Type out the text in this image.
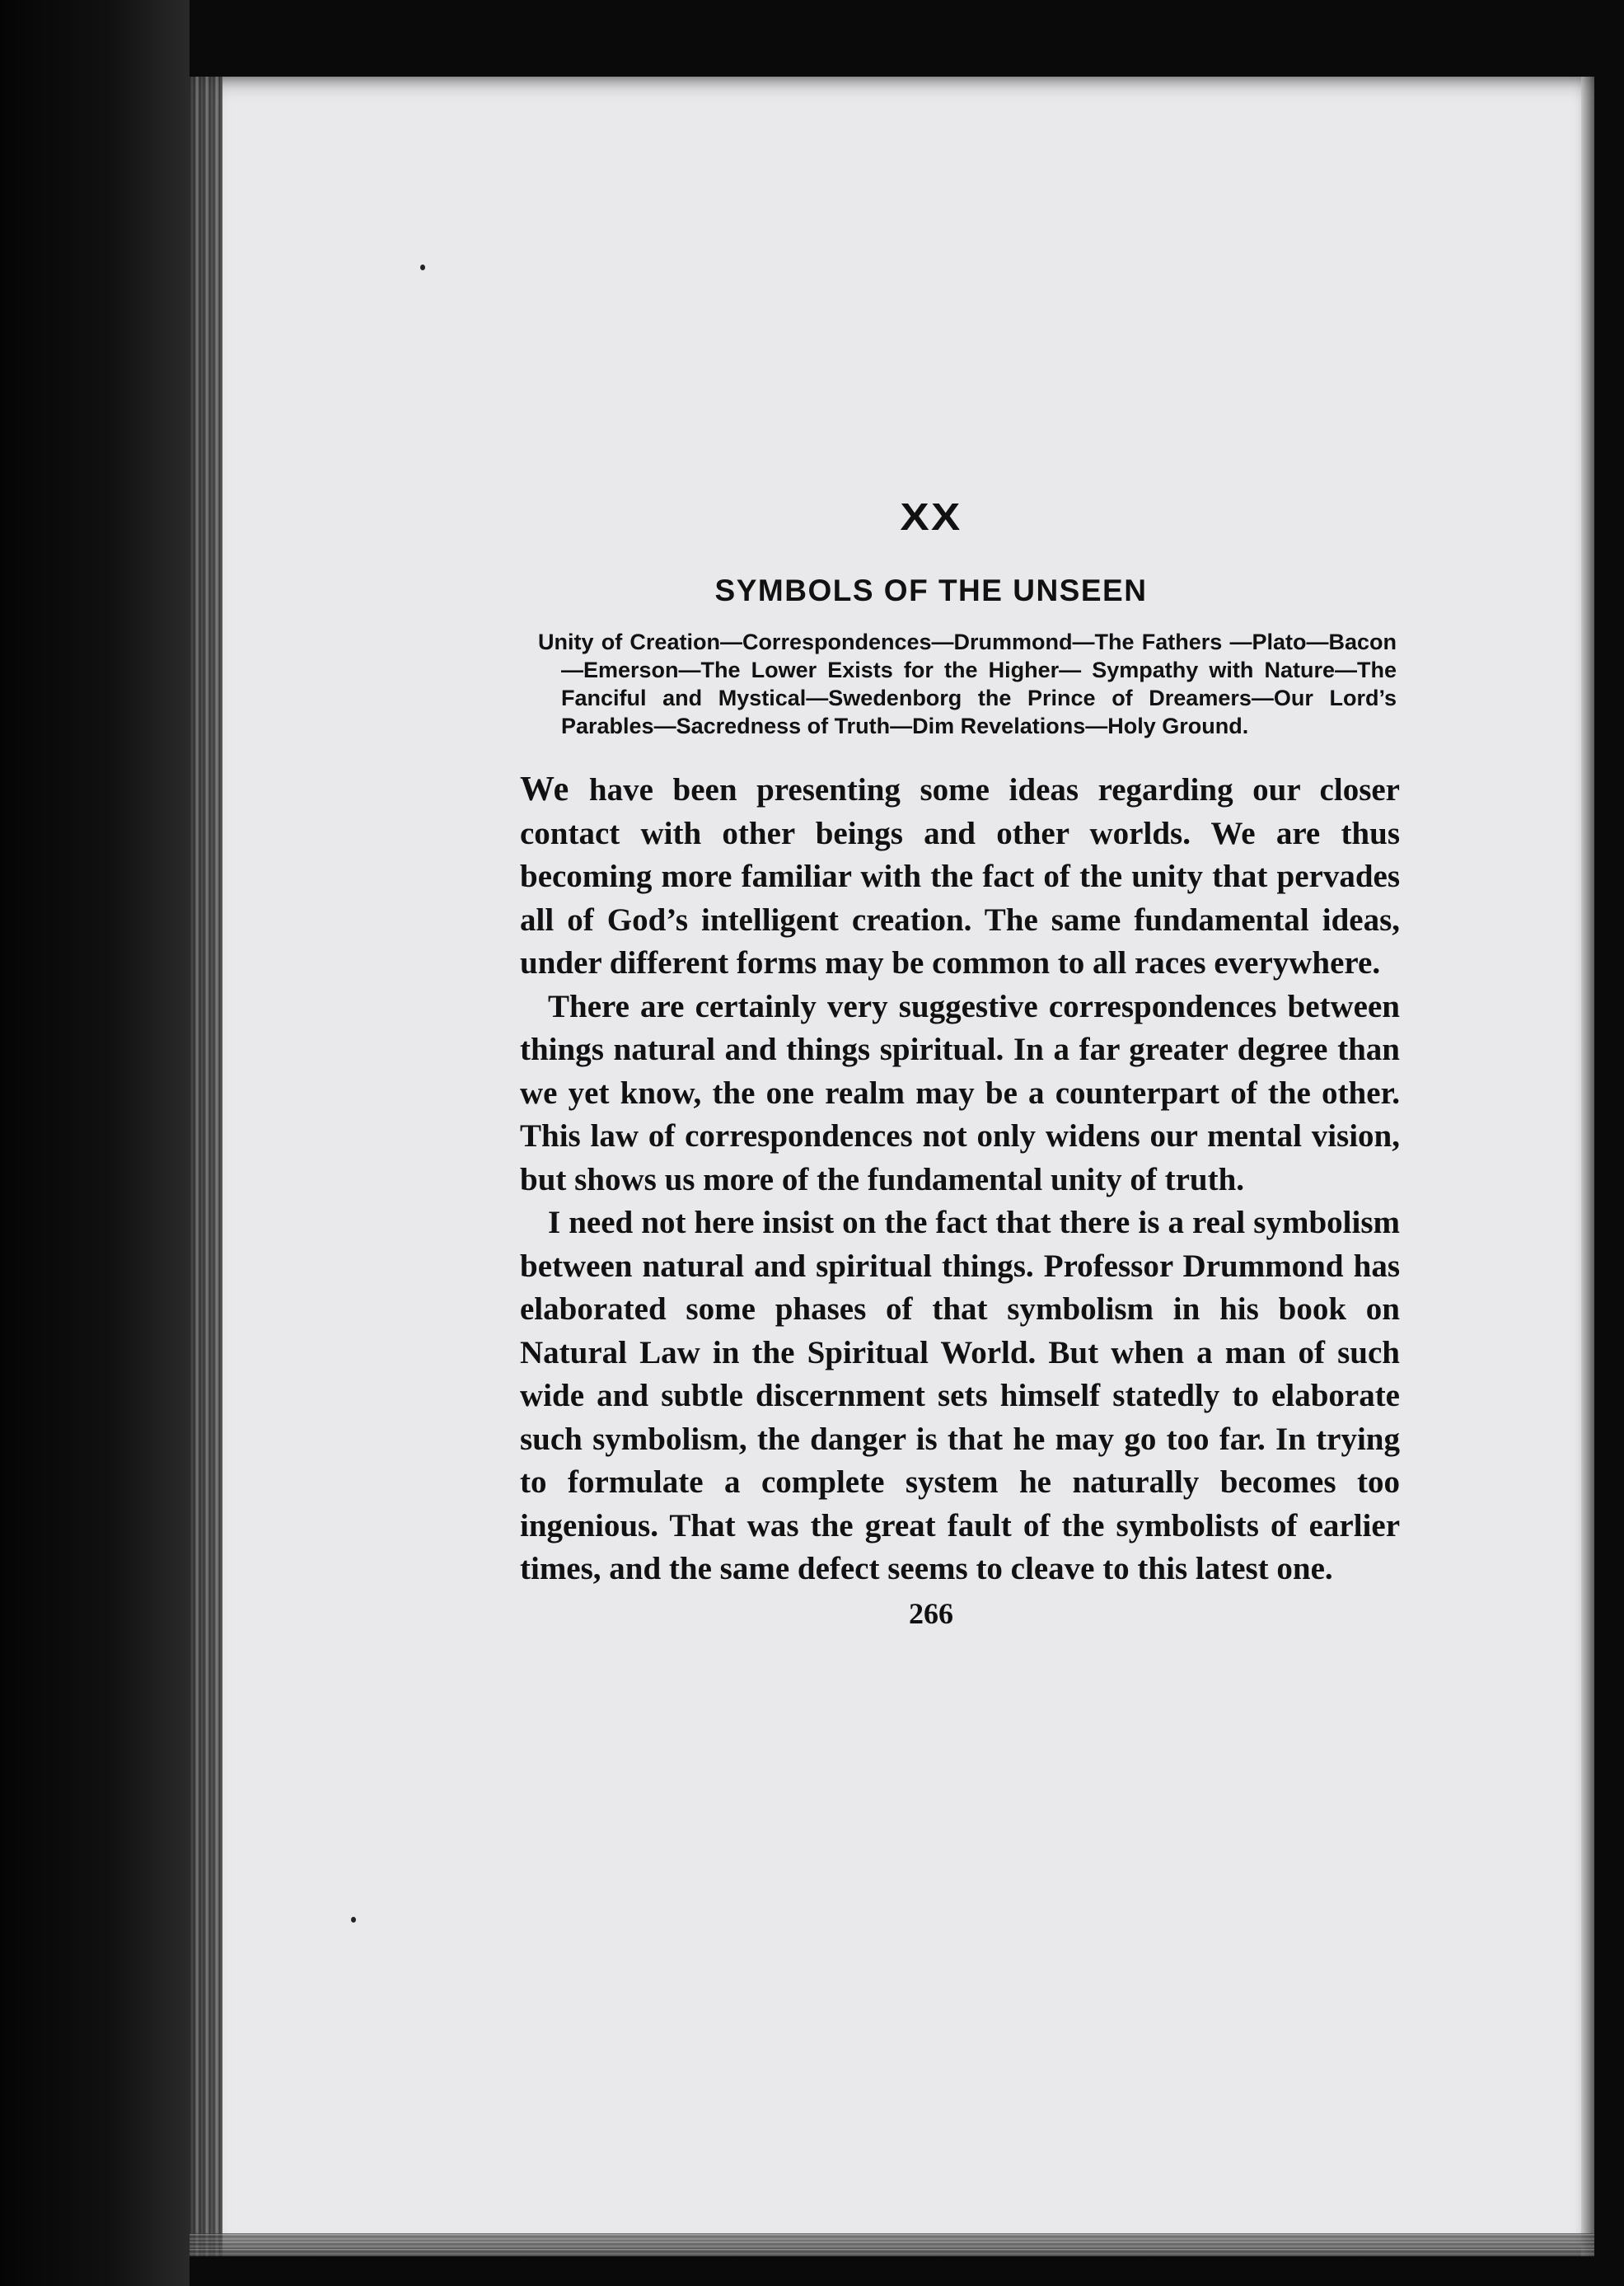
XX
SYMBOLS OF THE UNSEEN
Unity of Creation—Correspondences—Drummond—The Fathers —Plato—Bacon—Emerson—The Lower Exists for the Higher— Sympathy with Nature—The Fanciful and Mystical—Swedenborg the Prince of Dreamers—Our Lord’s Parables—Sacredness of Truth—Dim Revelations—Holy Ground.

We have been presenting some ideas regarding our closer contact with other beings and other worlds. We are thus becoming more familiar with the fact of the unity that pervades all of God’s intelligent creation. The same fundamental ideas, under different forms may be common to all races everywhere.

There are certainly very suggestive correspondences between things natural and things spiritual. In a far greater degree than we yet know, the one realm may be a counterpart of the other. This law of correspondences not only widens our mental vision, but shows us more of the fundamental unity of truth.

I need not here insist on the fact that there is a real symbolism between natural and spiritual things. Professor Drummond has elaborated some phases of that symbolism in his book on Natural Law in the Spiritual World. But when a man of such wide and subtle discernment sets himself statedly to elaborate such symbolism, the danger is that he may go too far. In trying to formulate a complete system he naturally becomes too ingenious. That was the great fault of the symbolists of earlier times, and the same defect seems to cleave to this latest one.

266
